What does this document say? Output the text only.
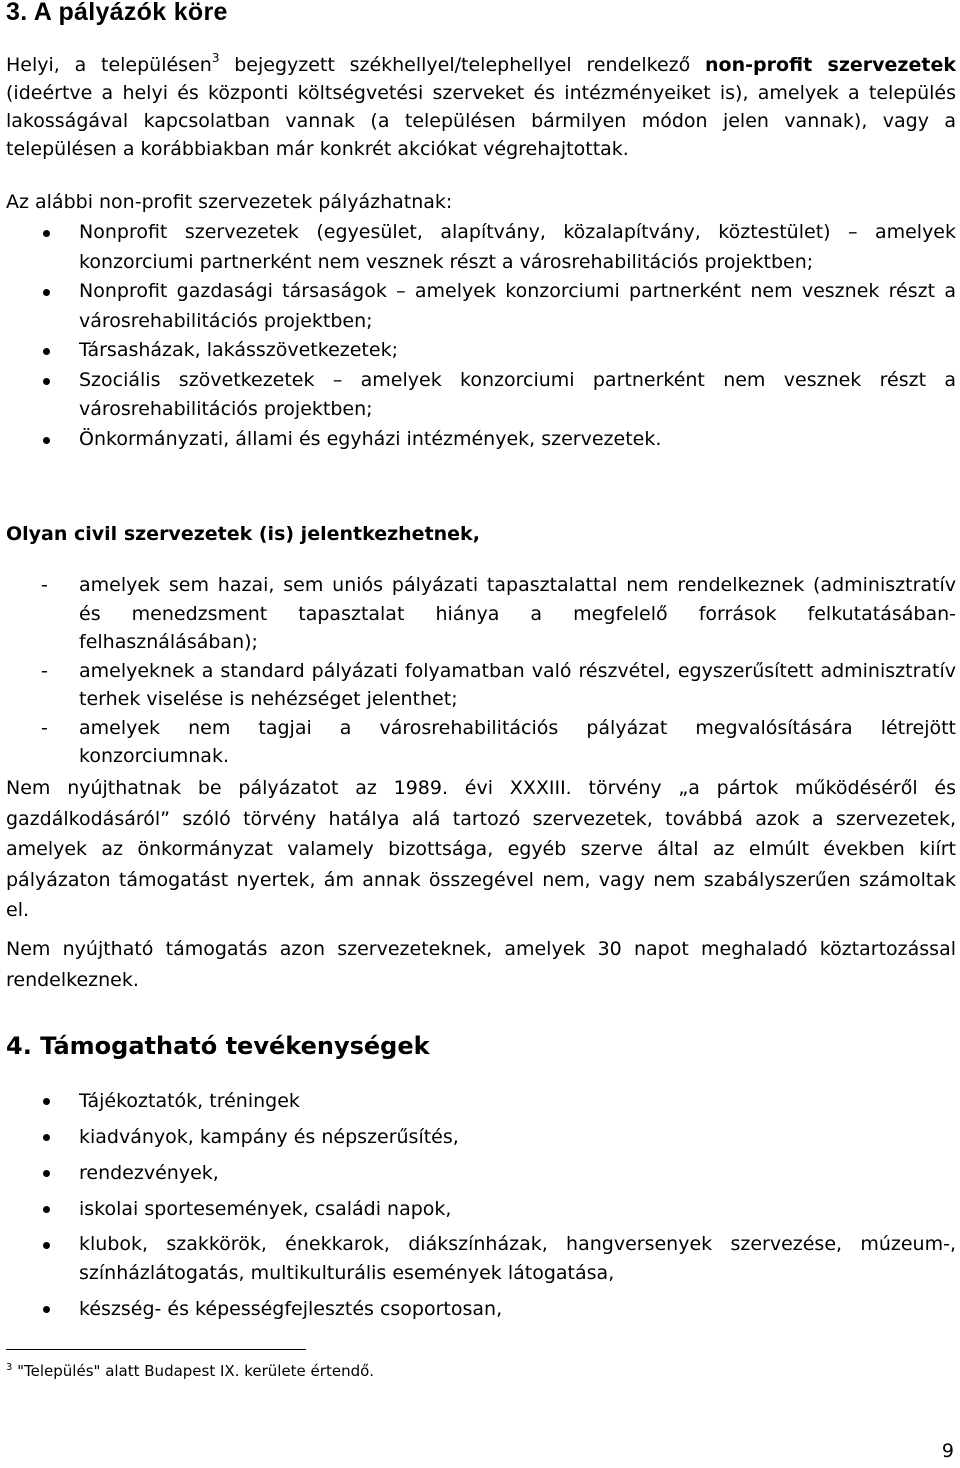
3. A pályázók köre

Helyi, a településen$^3$ bejegyzett székhellyel/telephellyel rendelkező non-profit szervezetek (ideértve a helyi és központi költségvetési szerveket és intézményeiket is), amelyek a település lakosságával kapcsolatban vannak (a településen bármilyen módon jelen vannak), vagy a településen a korábbiakban már konkrét akciókat végrehajtottak.

Az alábbi non-profit szervezetek pályázhatnak:

Nonprofit szervezetek (egyesület, alapítvány, közalapítvány, köztestület) – amelyek konzorciumi partnerként nem vesznek részt a városrehabilitációs projektben;
Nonprofit gazdasági társaságok – amelyek konzorciumi partnerként nem vesznek részt a városrehabilitációs projektben;
Társasházak, lakásszövetkezetek;
Szociális szövetkezetek – amelyek konzorciumi partnerként nem vesznek részt a városrehabilitációs projektben;
Önkormányzati, állami és egyházi intézmények, szervezetek.

Olyan civil szervezetek (is) jelentkezhetnek,

- amelyek sem hazai, sem uniós pályázati tapasztalattal nem rendelkeznek (adminisztratív és menedzsment tapasztalat hiánya a megfelelő források felkutatásában-felhasználásában);
- amelyeknek a standard pályázati folyamatban való részvétel, egyszerűsített adminisztratív terhek viselése is nehézséget jelenthet;
- amelyek nem tagjai a városrehabilitációs pályázat megvalósítására létrejött konzorciumnak.

Nem nyújthatnak be pályázatot az 1989. évi XXXIII. törvény „a pártok működéséről és gazdálkodásáról” szóló törvény hatálya alá tartozó szervezetek, továbbá azok a szervezetek, amelyek az önkormányzat valamely bizottsága, egyéb szerve által az elmúlt években kiírt pályázaton támogatást nyertek, ám annak összegével nem, vagy nem szabályszerűen számoltak el.

Nem nyújtható támogatás azon szervezeteknek, amelyek 30 napot meghaladó köztartozással rendelkeznek.

4. Támogatható tevékenységek
Tájékoztatók, tréningek
kiadványok, kampány és népszerűsítés,
rendezvények,
iskolai sportesemények, családi napok,
klubok, szakkörök, énekkarok, diákszínházak, hangversenyek szervezése, múzeum-, színházlátogatás, multikulturális események látogatása,
készség- és képességfejlesztés csoportosan,
$^3$ "Település" alatt Budapest IX. kerülete értendő.
9
